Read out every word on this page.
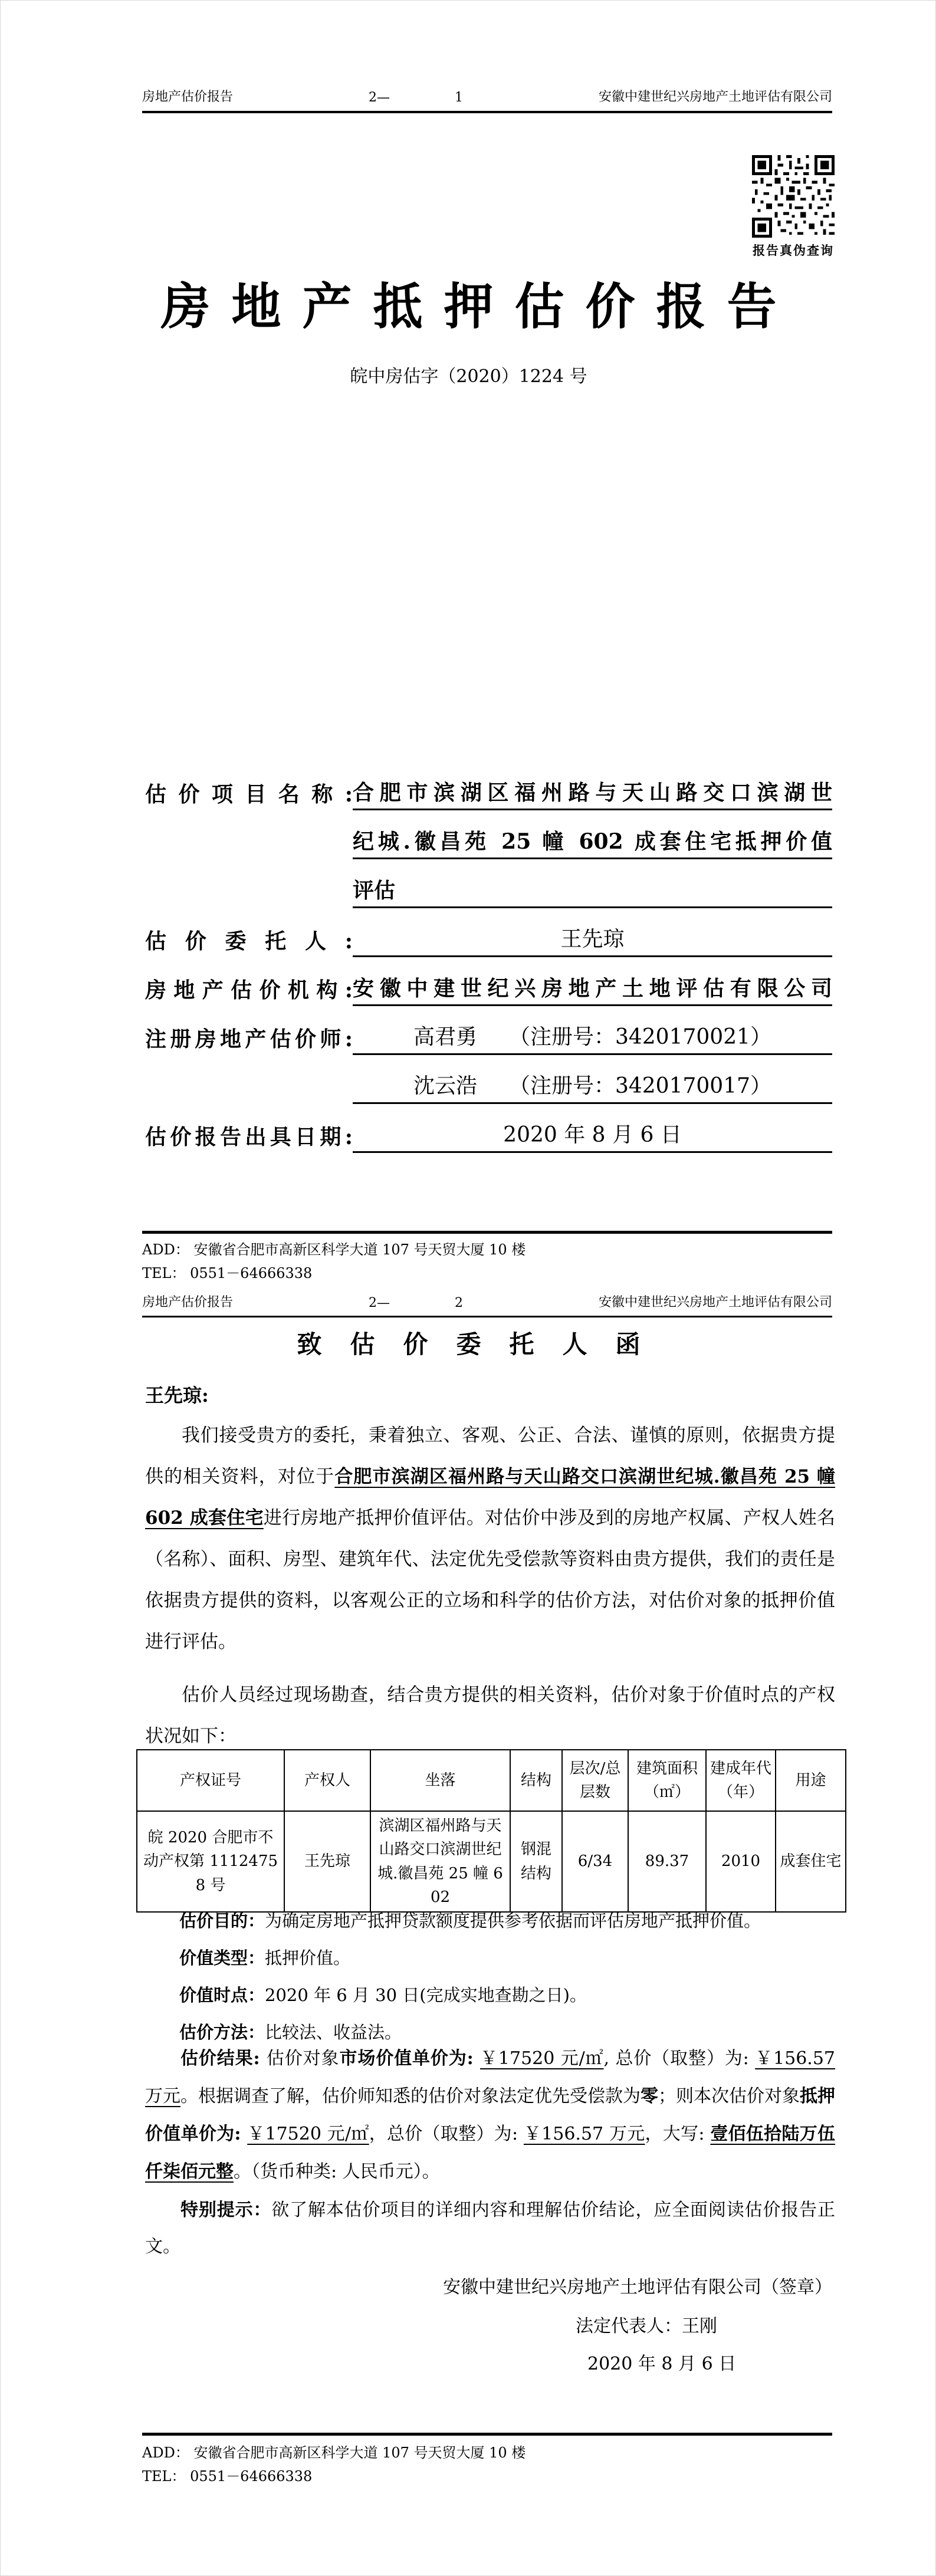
房地产估价报告	2—	1	安徽中建世纪兴房地产土地评估有限公司
报告真伪查询
房地产抵押估价报告
皖中房估字（2020）1224 号
估价项目名称: 合肥市滨湖区福州路与天山路交口滨湖世
纪城.徽昌苑 25 幢 602 成套住宅抵押价值
评估
估价委托人:	王先琼
房地产估价机构: 安徽中建世纪兴房地产土地评估有限公司
注册房地产估价师:	高君勇　　（注册号：3420170021）
沈云浩　　（注册号：3420170017）
估价报告出具日期:	2020 年 8 月 6 日
ADD： 安徽省合肥市高新区科学大道 107 号天贸大厦 10 楼
TEL： 0551－64666338
房地产估价报告	2—	2	安徽中建世纪兴房地产土地评估有限公司
致估价委托人函
王先琼:
我们接受贵方的委托，秉着独立、客观、公正、合法、谨慎的原则，依据贵方提供的相关资料，对位于合肥市滨湖区福州路与天山路交口滨湖世纪城.徽昌苑 25 幢 602 成套住宅进行房地产抵押价值评估。对估价中涉及到的房地产权属、产权人姓名（名称）、面积、房型、建筑年代、法定优先受偿款等资料由贵方提供，我们的责任是依据贵方提供的资料，以客观公正的立场和科学的估价方法，对估价对象的抵押价值进行评估。
估价人员经过现场勘查，结合贵方提供的相关资料，估价对象于价值时点的产权状况如下：
产权证号	产权人	坐落	结构	层次/总层数	建筑面积（㎡）	建成年代（年）	用途
皖 2020 合肥市不动产权第 11124758 号	王先琼	滨湖区福州路与天山路交口滨湖世纪城.徽昌苑 25 幢 602	钢混结构	6/34	89.37	2010	成套住宅
估价目的： 为确定房地产抵押贷款额度提供参考依据而评估房地产抵押价值。
价值类型： 抵押价值。
价值时点： 2020 年 6 月 30 日(完成实地查勘之日)。
估价方法： 比较法、收益法。
估价结果: 估价对象市场价值单价为: ￥17520 元/㎡, 总价（取整）为: ￥156.57 万元。根据调查了解，估价师知悉的估价对象法定优先受偿款为零；则本次估价对象抵押价值单价为: ￥17520 元/㎡，总价（取整）为: ￥156.57 万元，大写: 壹佰伍拾陆万伍仟柒佰元整。（货币种类: 人民币元）。
特别提示：欲了解本估价项目的详细内容和理解估价结论，应全面阅读估价报告正文。
安徽中建世纪兴房地产土地评估有限公司（签章）
法定代表人：王刚
2020 年 8 月 6 日
ADD： 安徽省合肥市高新区科学大道 107 号天贸大厦 10 楼
TEL： 0551－64666338
